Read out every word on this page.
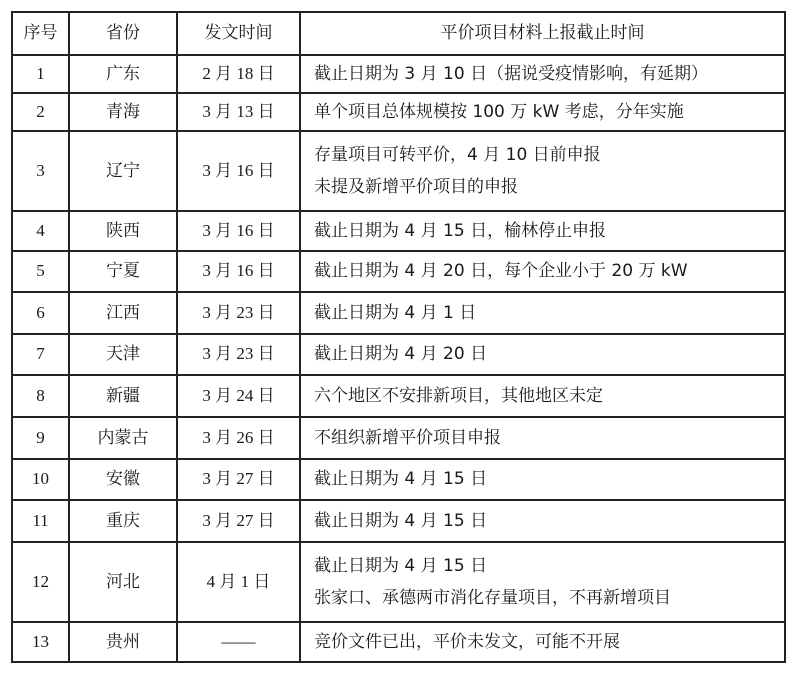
序号	省份	发文时间	平价项目材料上报截止时间
1	广东	2 月 18 日	截止日期为 3 月 10 日（据说受疫情影响，有延期）

2	青海	3 月 13 日	单个项目总体规模按 100 万 kW 考虑，分年实施

3	辽宁	3 月 16 日	存量项目可转平价，4 月 10 日前申报
未提及新增平价项目的申报

4	陕西	3 月 16 日	截止日期为 4 月 15 日，榆林停止申报

5	宁夏	3 月 16 日	截止日期为 4 月 20 日，每个企业小于 20 万 kW

6	江西	3 月 23 日	截止日期为 4 月 1 日

7	天津	3 月 23 日	截止日期为 4 月 20 日

8	新疆	3 月 24 日	六个地区不安排新项目，其他地区未定

9	内蒙古	3 月 26 日	不组织新增平价项目申报

10	安徽	3 月 27 日	截止日期为 4 月 15 日

11	重庆	3 月 27 日	截止日期为 4 月 15 日

12	河北	4 月 1 日	截止日期为 4 月 15 日
张家口、承德两市消化存量项目，不再新增项目

13	贵州	——	竞价文件已出，平价未发文，可能不开展
